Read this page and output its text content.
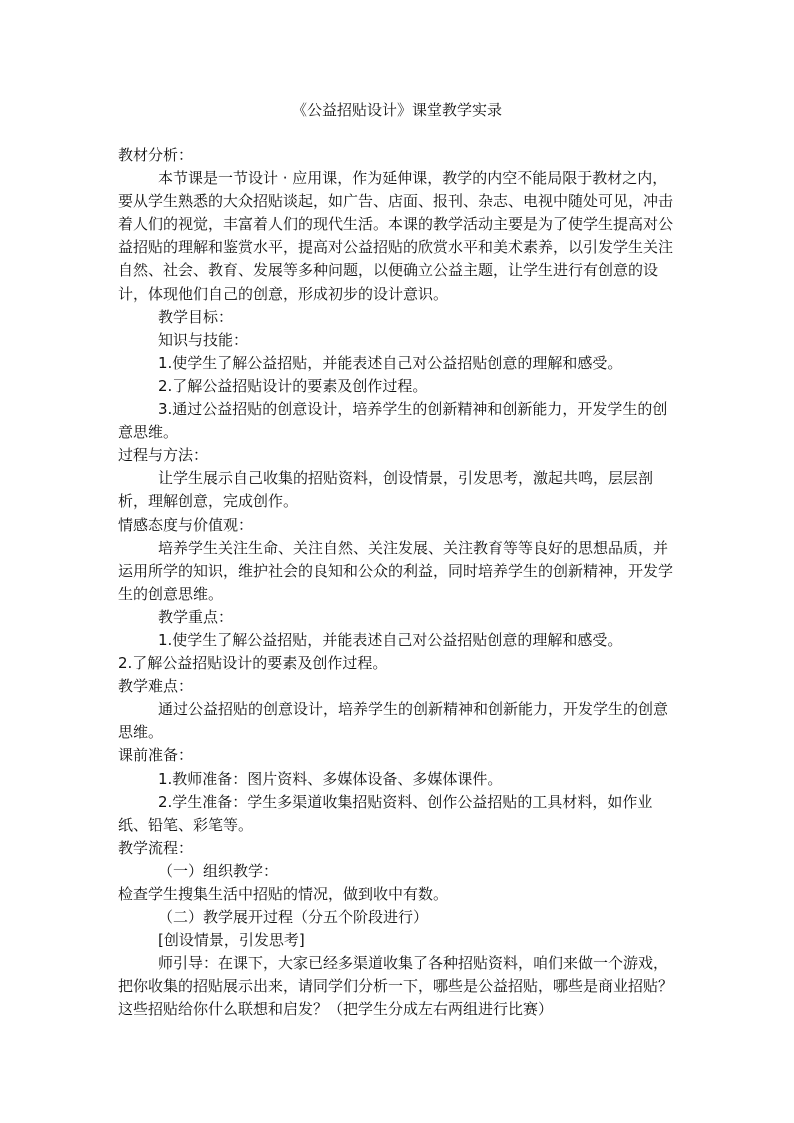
《公益招贴设计》课堂教学实录

教材分析：

本节课是一节设计 · 应用课，作为延伸课，教学的内空不能局限于教材之内，要从学生熟悉的大众招贴谈起，如广告、店面、报刊、杂志、电视中随处可见，冲击着人们的视觉，丰富着人们的现代生活。本课的教学活动主要是为了使学生提高对公益招贴的理解和鉴赏水平，提高对公益招贴的欣赏水平和美术素养，以引发学生关注自然、社会、教育、发展等多种问题，以便确立公益主题，让学生进行有创意的设计，体现他们自己的创意，形成初步的设计意识。

教学目标：

知识与技能：

1.使学生了解公益招贴，并能表述自己对公益招贴创意的理解和感受。

2.了解公益招贴设计的要素及创作过程。

3.通过公益招贴的创意设计，培养学生的创新精神和创新能力，开发学生的创意思维。

过程与方法：

让学生展示自己收集的招贴资料，创设情景，引发思考，激起共鸣，层层剖析，理解创意，完成创作。

情感态度与价值观：

培养学生关注生命、关注自然、关注发展、关注教育等等良好的思想品质，并运用所学的知识，维护社会的良知和公众的利益，同时培养学生的创新精神，开发学生的创意思维。

教学重点：

1.使学生了解公益招贴，并能表述自己对公益招贴创意的理解和感受。

2.了解公益招贴设计的要素及创作过程。

教学难点：

通过公益招贴的创意设计，培养学生的创新精神和创新能力，开发学生的创意思维。

课前准备：

1.教师准备：图片资料、多媒体设备、多媒体课件。

2.学生准备：学生多渠道收集招贴资料、创作公益招贴的工具材料，如作业纸、铅笔、彩笔等。

教学流程：

（一）组织教学：

检查学生搜集生活中招贴的情况，做到收中有数。

（二）教学展开过程（分五个阶段进行）

[创设情景，引发思考]

师引导：在课下，大家已经多渠道收集了各种招贴资料，咱们来做一个游戏，把你收集的招贴展示出来，请同学们分析一下，哪些是公益招贴，哪些是商业招贴？这些招贴给你什么联想和启发？（把学生分成左右两组进行比赛）
